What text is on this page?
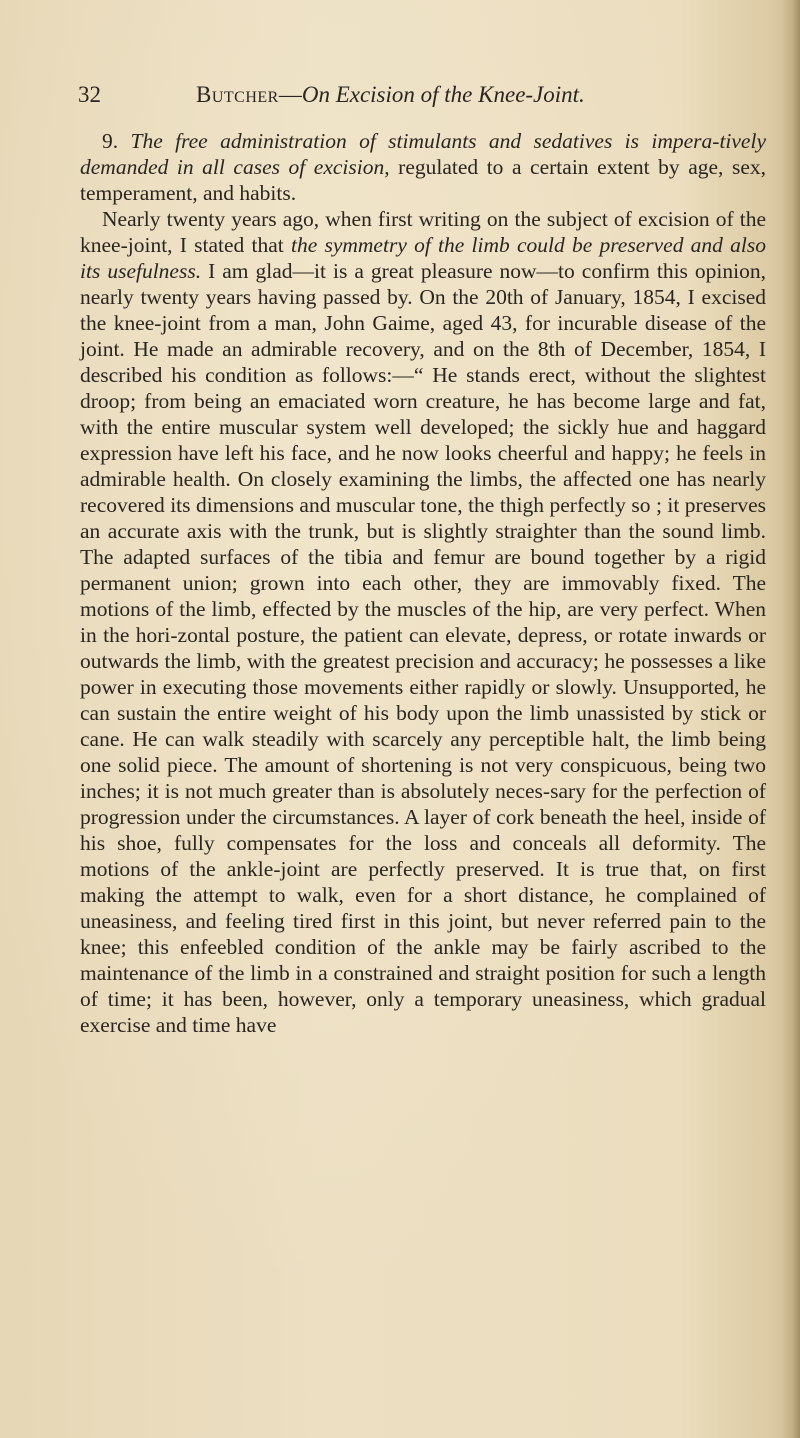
32	Butcher—On Excision of the Knee-Joint.

9. The free administration of stimulants and sedatives is impera-tively demanded in all cases of excision, regulated to a certain extent by age, sex, temperament, and habits.

Nearly twenty years ago, when first writing on the subject of excision of the knee-joint, I stated that the symmetry of the limb could be preserved and also its usefulness. I am glad—it is a great pleasure now—to confirm this opinion, nearly twenty years having passed by. On the 20th of January, 1854, I excised the knee-joint from a man, John Gaime, aged 43, for incurable disease of the joint. He made an admirable recovery, and on the 8th of December, 1854, I described his condition as follows:—“ He stands erect, without the slightest droop; from being an emaciated worn creature, he has become large and fat, with the entire muscular system well developed; the sickly hue and haggard expression have left his face, and he now looks cheerful and happy; he feels in admirable health. On closely examining the limbs, the affected one has nearly recovered its dimensions and muscular tone, the thigh perfectly so ; it preserves an accurate axis with the trunk, but is slightly straighter than the sound limb. The adapted surfaces of the tibia and femur are bound together by a rigid permanent union; grown into each other, they are immovably fixed. The motions of the limb, effected by the muscles of the hip, are very perfect. When in the hori-zontal posture, the patient can elevate, depress, or rotate inwards or outwards the limb, with the greatest precision and accuracy; he possesses a like power in executing those movements either rapidly or slowly. Unsupported, he can sustain the entire weight of his body upon the limb unassisted by stick or cane. He can walk steadily with scarcely any perceptible halt, the limb being one solid piece. The amount of shortening is not very conspicuous, being two inches; it is not much greater than is absolutely neces-sary for the perfection of progression under the circumstances. A layer of cork beneath the heel, inside of his shoe, fully compensates for the loss and conceals all deformity. The motions of the ankle-joint are perfectly preserved. It is true that, on first making the attempt to walk, even for a short distance, he complained of uneasiness, and feeling tired first in this joint, but never referred pain to the knee; this enfeebled condition of the ankle may be fairly ascribed to the maintenance of the limb in a constrained and straight position for such a length of time; it has been, however, only a temporary uneasiness, which gradual exercise and time have
